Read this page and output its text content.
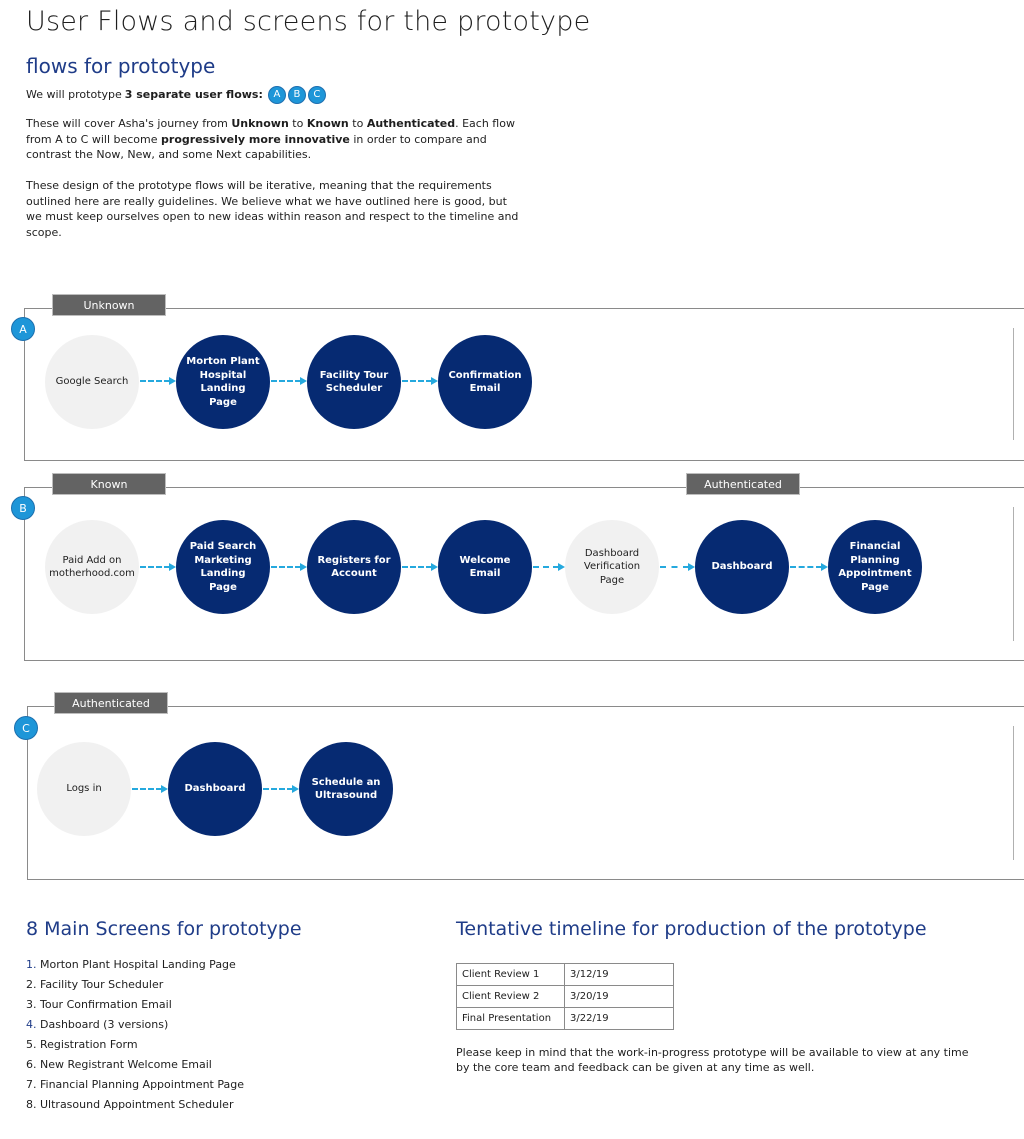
User Flows and screens for the prototype
flows for prototype
We will prototype 3 separate user flows:	A	B	C
These will cover Asha's journey from Unknown to Known to Authenticated. Each flow from A to C will become progressively more innovative in order to compare and contrast the Now, New, and some Next capabilities.
These design of the prototype flows will be iterative, meaning that the requirements outlined here are really guidelines. We believe what we have outlined here is good, but we must keep ourselves open to new ideas within reason and respect to the timeline and scope.
Unknown
A
Google Search
Morton Plant Hospital Landing Page
Facility Tour Scheduler
Confirmation Email
Known	Authenticated
B
Paid Add on motherhood.com
Paid Search Marketing Landing Page
Registers for Account
Welcome Email
Dashboard Verification Page
Dashboard
Financial Planning Appointment Page
Authenticated
C
Logs in	Dashboard
Schedule an Ultrasound
8 Main Screens for prototype
1. Morton Plant Hospital Landing Page
2. Facility Tour Scheduler
3. Tour Confirmation Email
4. Dashboard (3 versions)
5. Registration Form
6. New Registrant Welcome Email
7. Financial Planning Appointment Page
8. Ultrasound Appointment Scheduler
Tentative timeline for production of the prototype
Client Review 1	3/12/19
Client Review 2	3/20/19
Final Presentation	3/22/19
Please keep in mind that the work-in-progress prototype will be available to view at any time by the core team and feedback can be given at any time as well.
